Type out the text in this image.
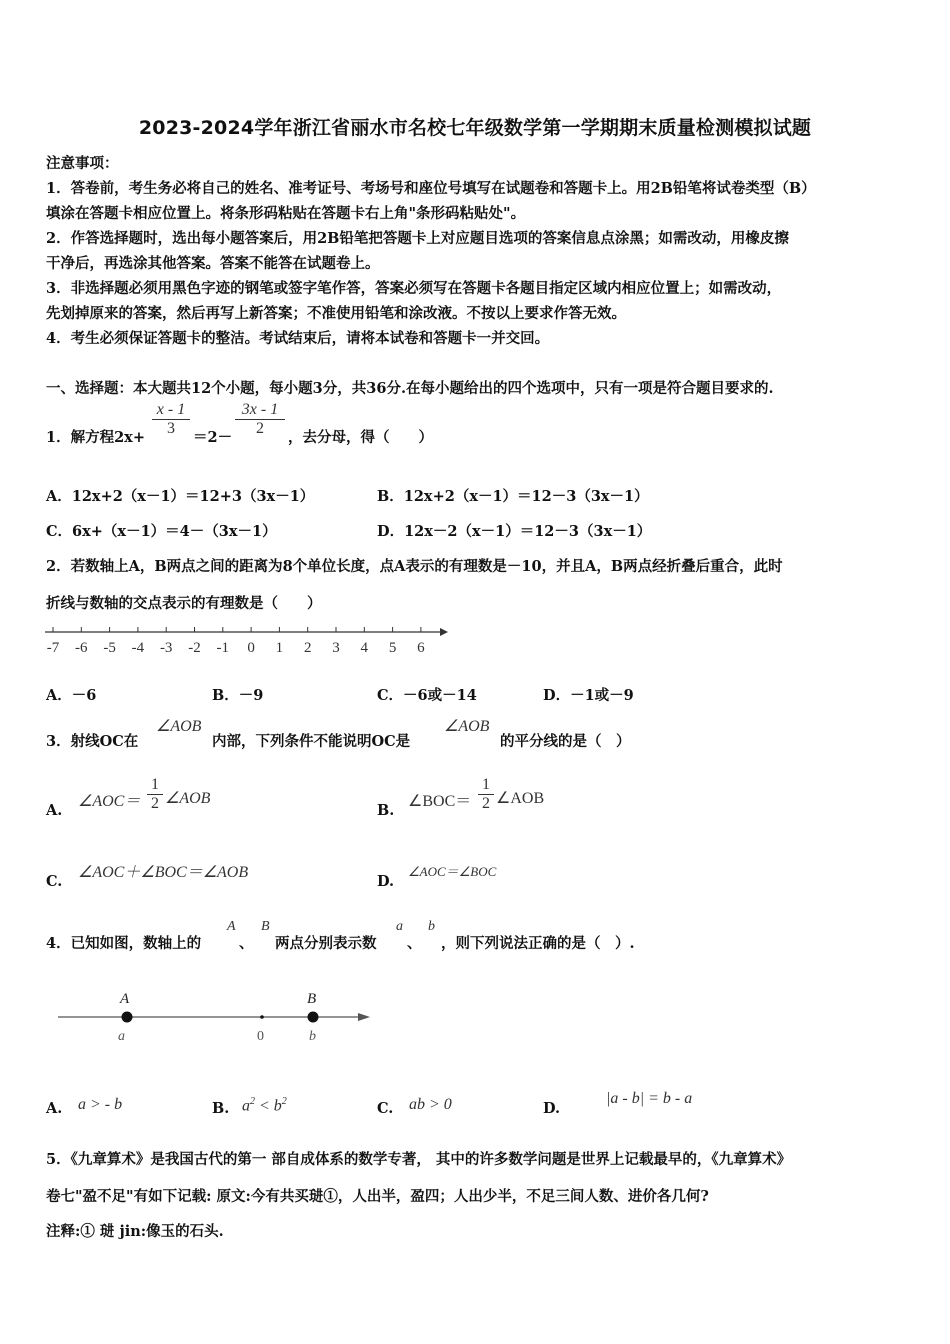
2023-2024学年浙江省丽水市名校七年级数学第一学期期末质量检测模拟试题
注意事项：
1．答卷前，考生务必将自己的姓名、准考证号、考场号和座位号填写在试题卷和答题卡上。用2B铅笔将试卷类型（B）
填涂在答题卡相应位置上。将条形码粘贴在答题卡右上角"条形码粘贴处"。
2．作答选择题时，选出每小题答案后，用2B铅笔把答题卡上对应题目选项的答案信息点涂黑；如需改动，用橡皮擦
干净后，再选涂其他答案。答案不能答在试题卷上。
3．非选择题必须用黑色字迹的钢笔或签字笔作答，答案必须写在答题卡各题目指定区域内相应位置上；如需改动，
先划掉原来的答案，然后再写上新答案；不准使用铅笔和涂改液。不按以上要求作答无效。
4．考生必须保证答题卡的整洁。考试结束后，请将本试卷和答题卡一并交回。
一、选择题：本大题共12个小题，每小题3分，共36分.在每小题给出的四个选项中，只有一项是符合题目要求的.
1．解方程$2x+ \frac{x - 1}{3} =2- \frac{3x - 1}{2}$ ，去分母，得（　　）
A．12x+2（x－1）＝12+3（3x－1）	B．12x+2（x－1）＝12－3（3x－1）
C．6x+（x－1）＝4－（3x－1）	D．12x－2（x－1）＝12－3（3x－1）
2．若数轴上A，B两点之间的距离为8个单位长度，点A表示的有理数是－10，并且A，B两点经折叠后重合，此时
折线与数轴的交点表示的有理数是（　　）
-7 -6 -5 -4 -3 -2 -1 0 1 2 3 4 5 6
A．－6	B．－9	C．－6或－14	D．－1或－9
3．射线OC在
∠AOB
内部，下列条件不能说明OC是
∠AOB
的平分线的是（　）
A.
∠AOC＝ $\frac{1}{2}$ ∠AOB
B.
∠BOC＝ $\frac{1}{2}$ ∠AOB
C.
∠AOC＋∠BOC＝∠AOB
D.
∠AOC＝∠BOC
4．已知如图，数轴上的
A
、
B
两点分别表示数
a
、
b
，则下列说法正确的是（　）.
A	B
a	0	b
A. a > - b	B. $a^2 < b^2$	C. ab > 0	D.
|a - b| = b - a
5．《九章算术》是我国古代的第一 部自成体系的数学专著， 其中的许多数学问题是世界上记载最早的，《九章算术》
卷七"盈不足"有如下记载: 原文:今有共买琎①，人出半，盈四；人出少半，不足三间人数、进价各几何?
注释:① 琎 jin:像玉的石头.
